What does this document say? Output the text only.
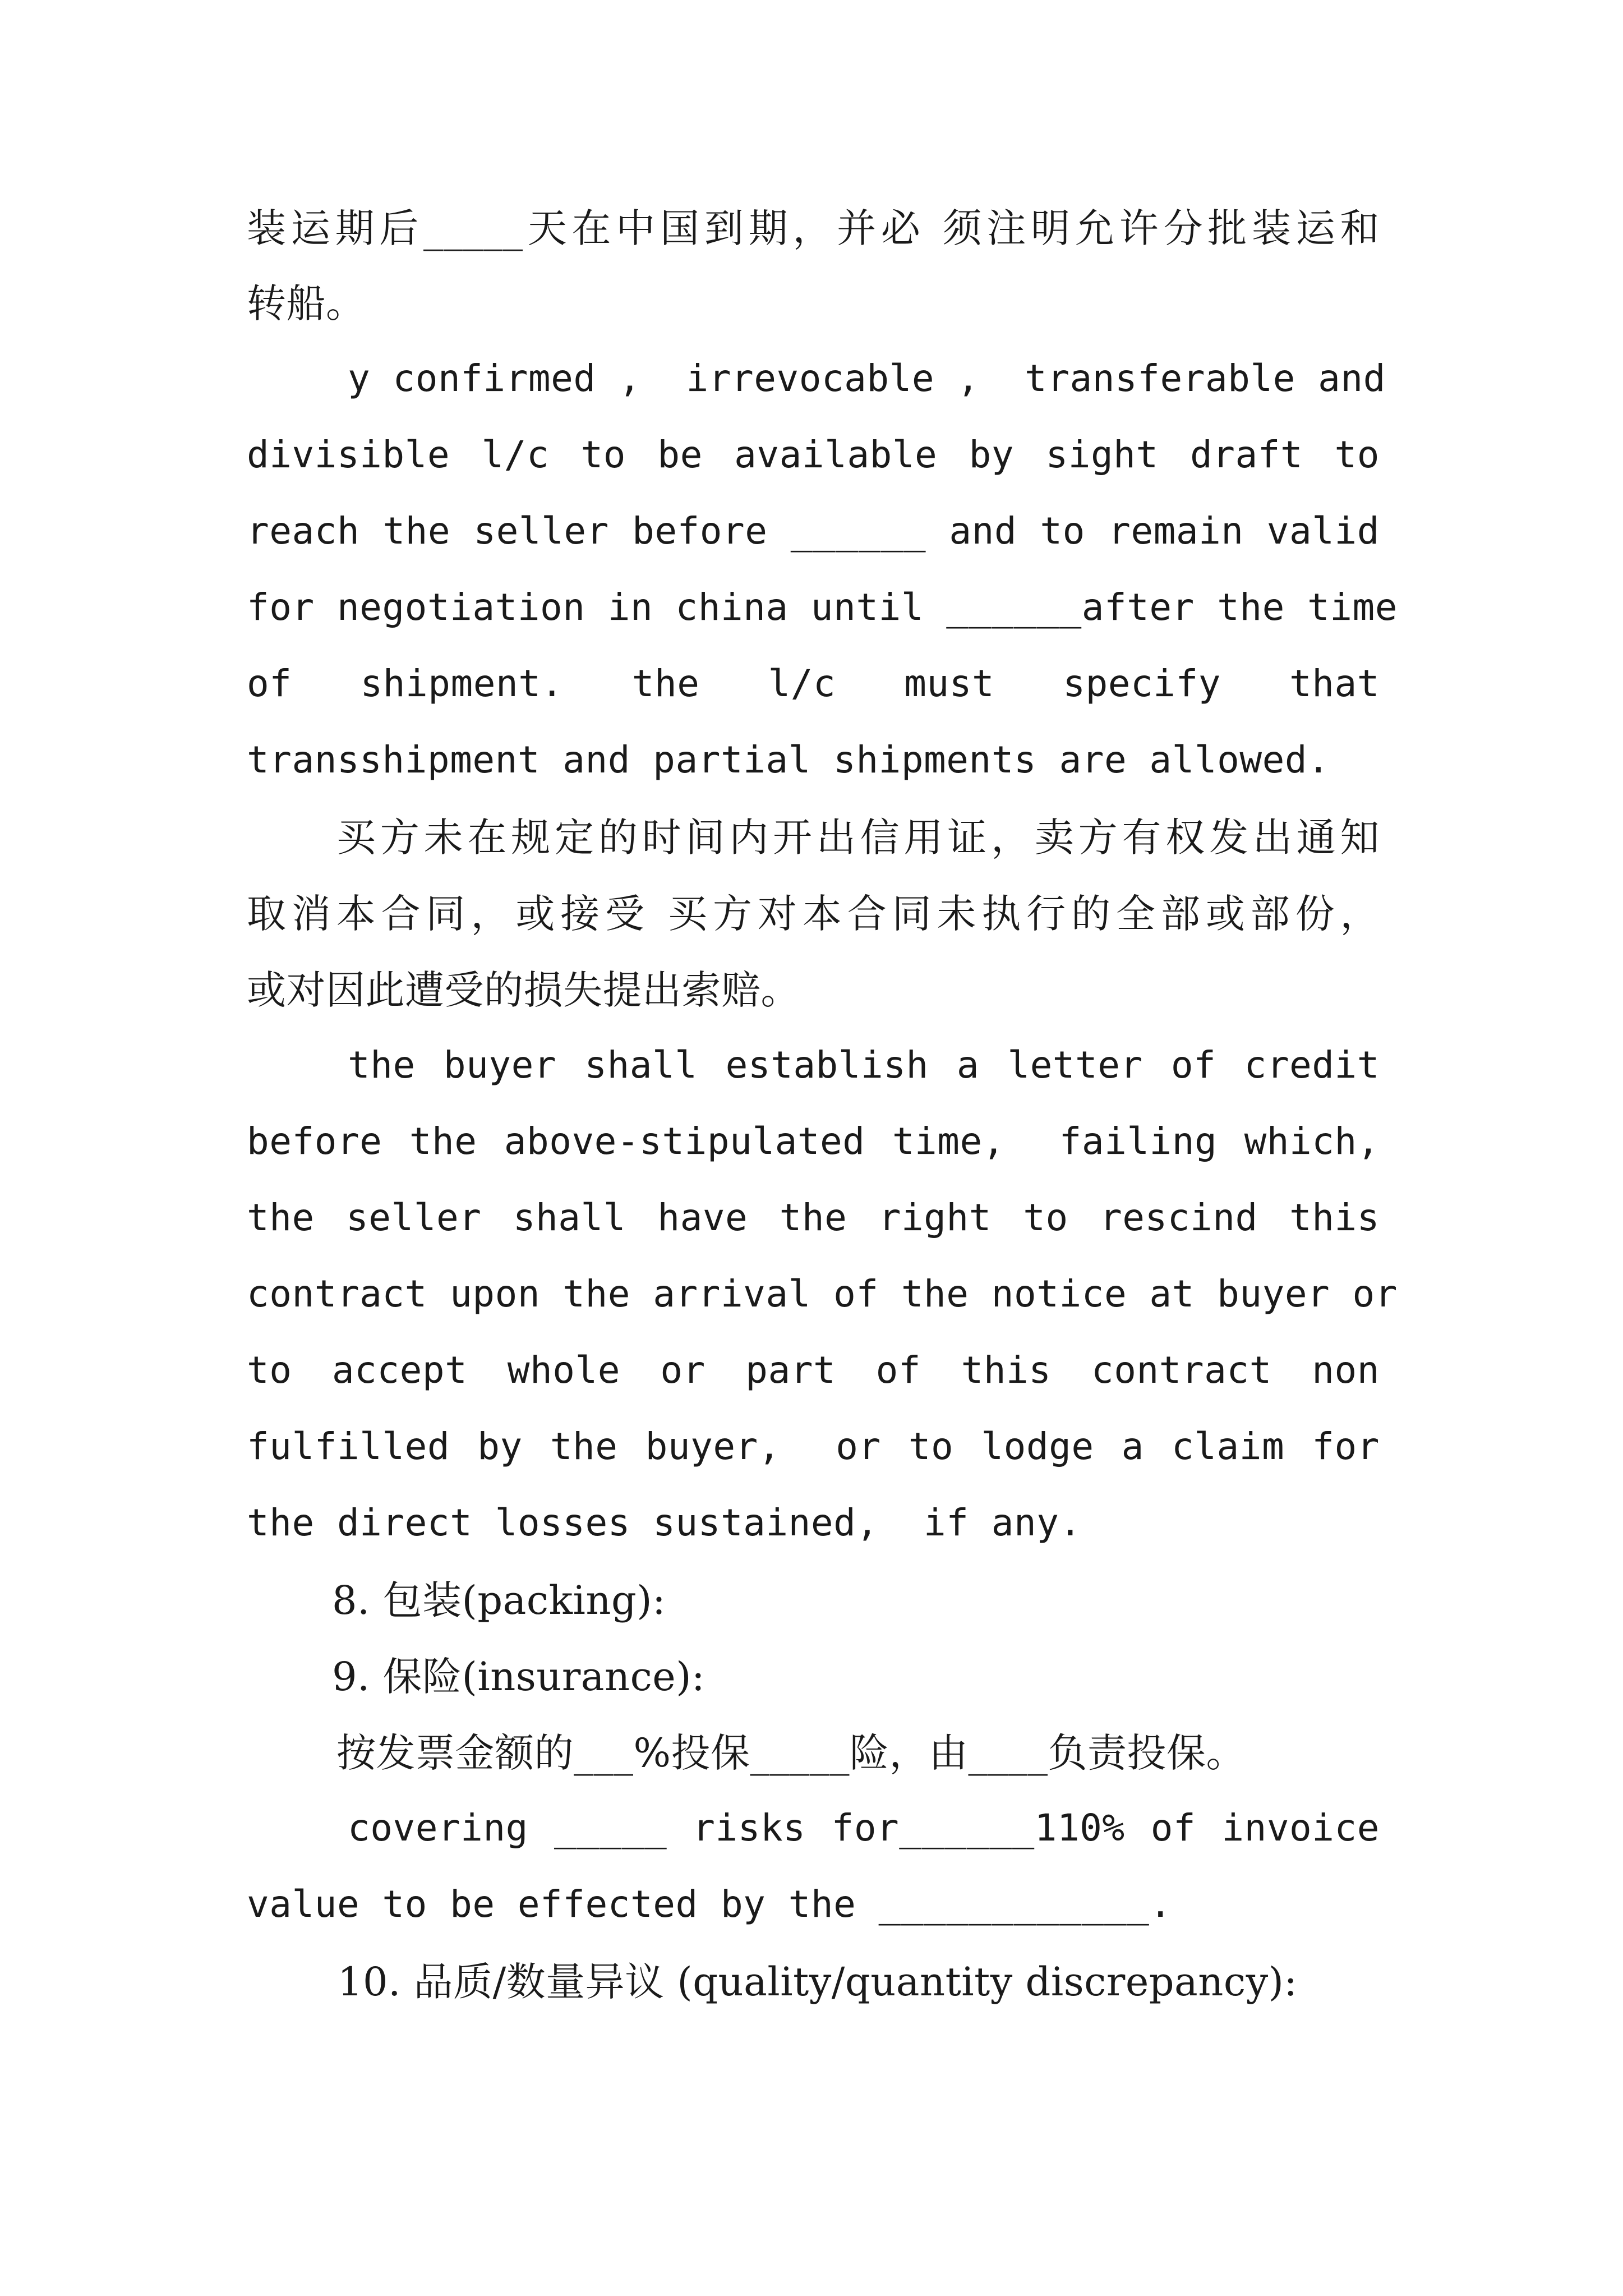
装运期后_____天在中国到期，并必 须注明允许分批装运和
转船。
y confirmed ,  irrevocable ,  transferable and
divisible l/c to be available by sight draft to
reach the seller before ______ and to remain valid
for negotiation in china until ______after the time
of  shipment.  the  l/c  must  specify  that
transshipment and partial shipments are allowed.
买方未在规定的时间内开出信用证，卖方有权发出通知
取消本合同，或接受 买方对本合同未执行的全部或部份，
或对因此遭受的损失提出索赔。
the buyer shall establish a letter of credit
before the above-stipulated time,  failing which,
the seller shall have the right to rescind this
contract upon the arrival of the notice at buyer or
to accept whole or part of this contract non
fulfilled by the buyer,  or to lodge a claim for
the direct losses sustained,  if any.
8. 包装(packing):
9. 保险(insurance):
按发票金额的___%投保_____险，由____负责投保。
covering _____ risks for______110% of invoice
value to be effected by the ____________.
10. 品质/数量异议 (quality/quantity discrepancy):
